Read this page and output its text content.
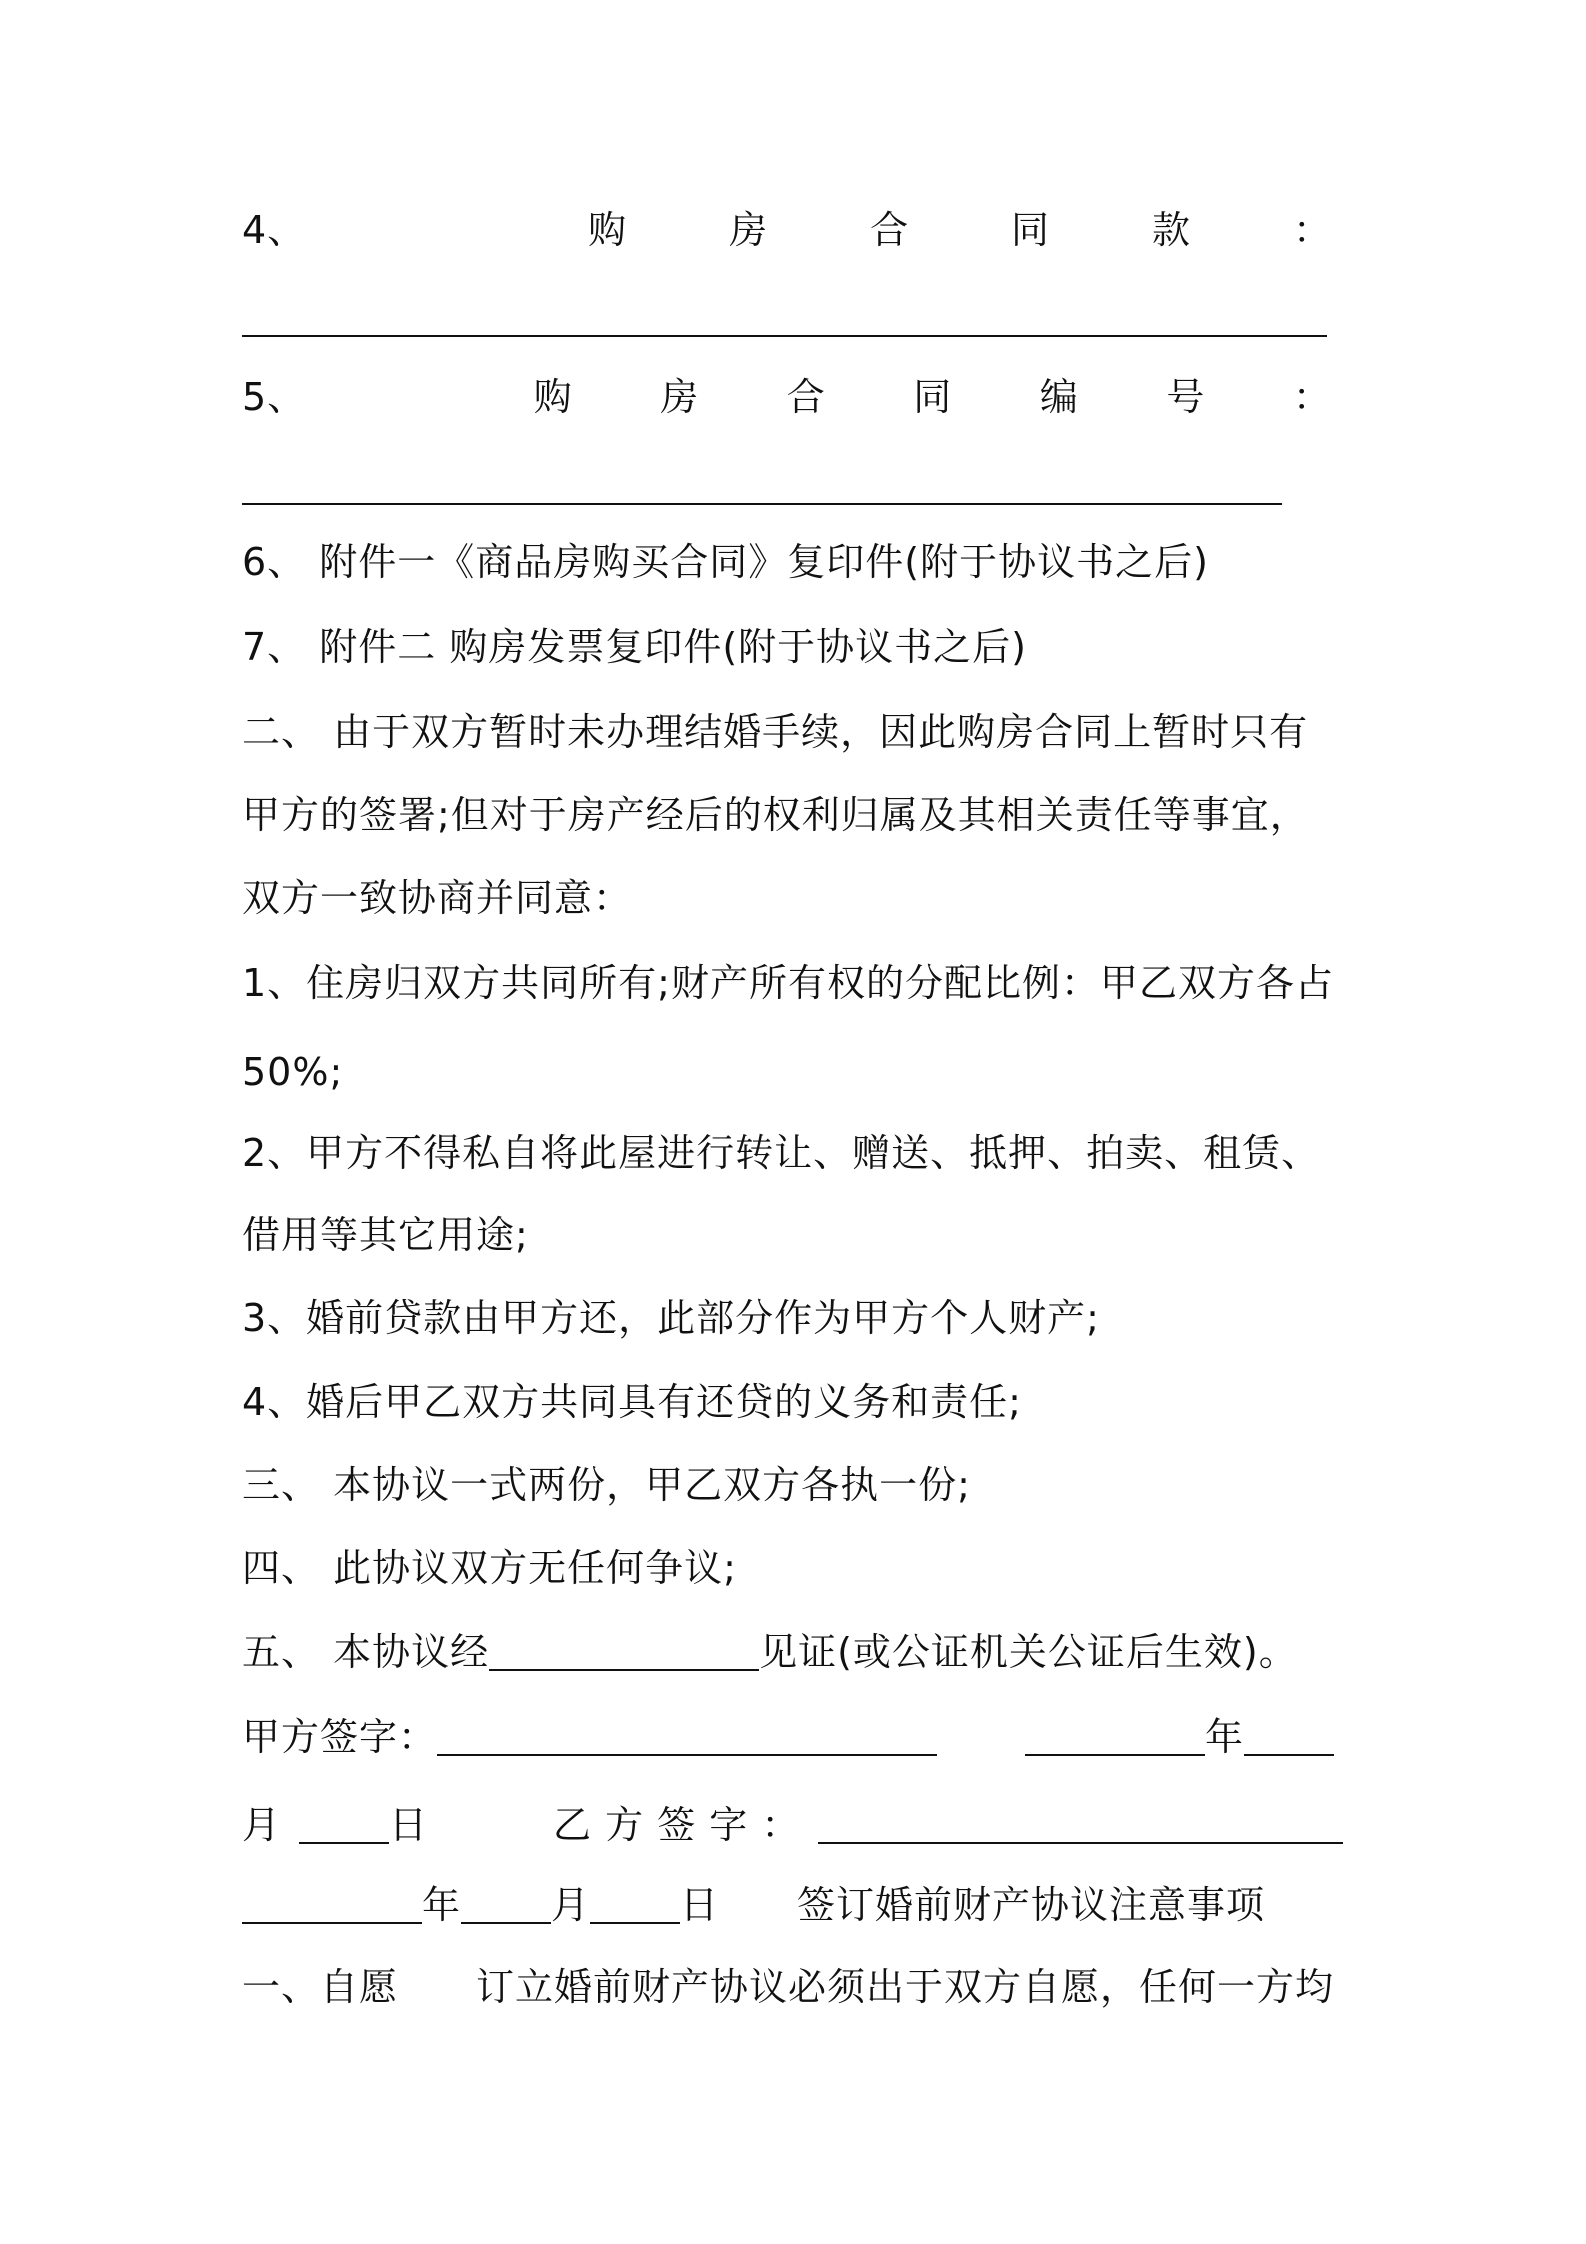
4、	购	房	合	同	款	：
5、	购 房 合 同 编 号 ：
6、 附件一《商品房购买合同》复印件(附于协议书之后)
7、 附件二 购房发票复印件(附于协议书之后)
二、 由于双方暂时未办理结婚手续，因此购房合同上暂时只有
甲方的签署;但对于房产经后的权利归属及其相关责任等事宜，
双方一致协商并同意：
1、住房归双方共同所有;财产所有权的分配比例：甲乙双方各占
50%;
2、甲方不得私自将此屋进行转让、赠送、抵押、拍卖、租赁、
借用等其它用途;
3、婚前贷款由甲方还，此部分作为甲方个人财产;
4、婚后甲乙双方共同具有还贷的义务和责任;
三、 本协议一式两份，甲乙双方各执一份;
四、 此协议双方无任何争议;
五、 本协议经	见证(或公证机关公证后生效)。
甲方签字：	年
月	日	乙 方 签 字 ：
年 月 日 签订婚前财产协议注意事项
一、自愿 订立婚前财产协议必须出于双方自愿，任何一方均
